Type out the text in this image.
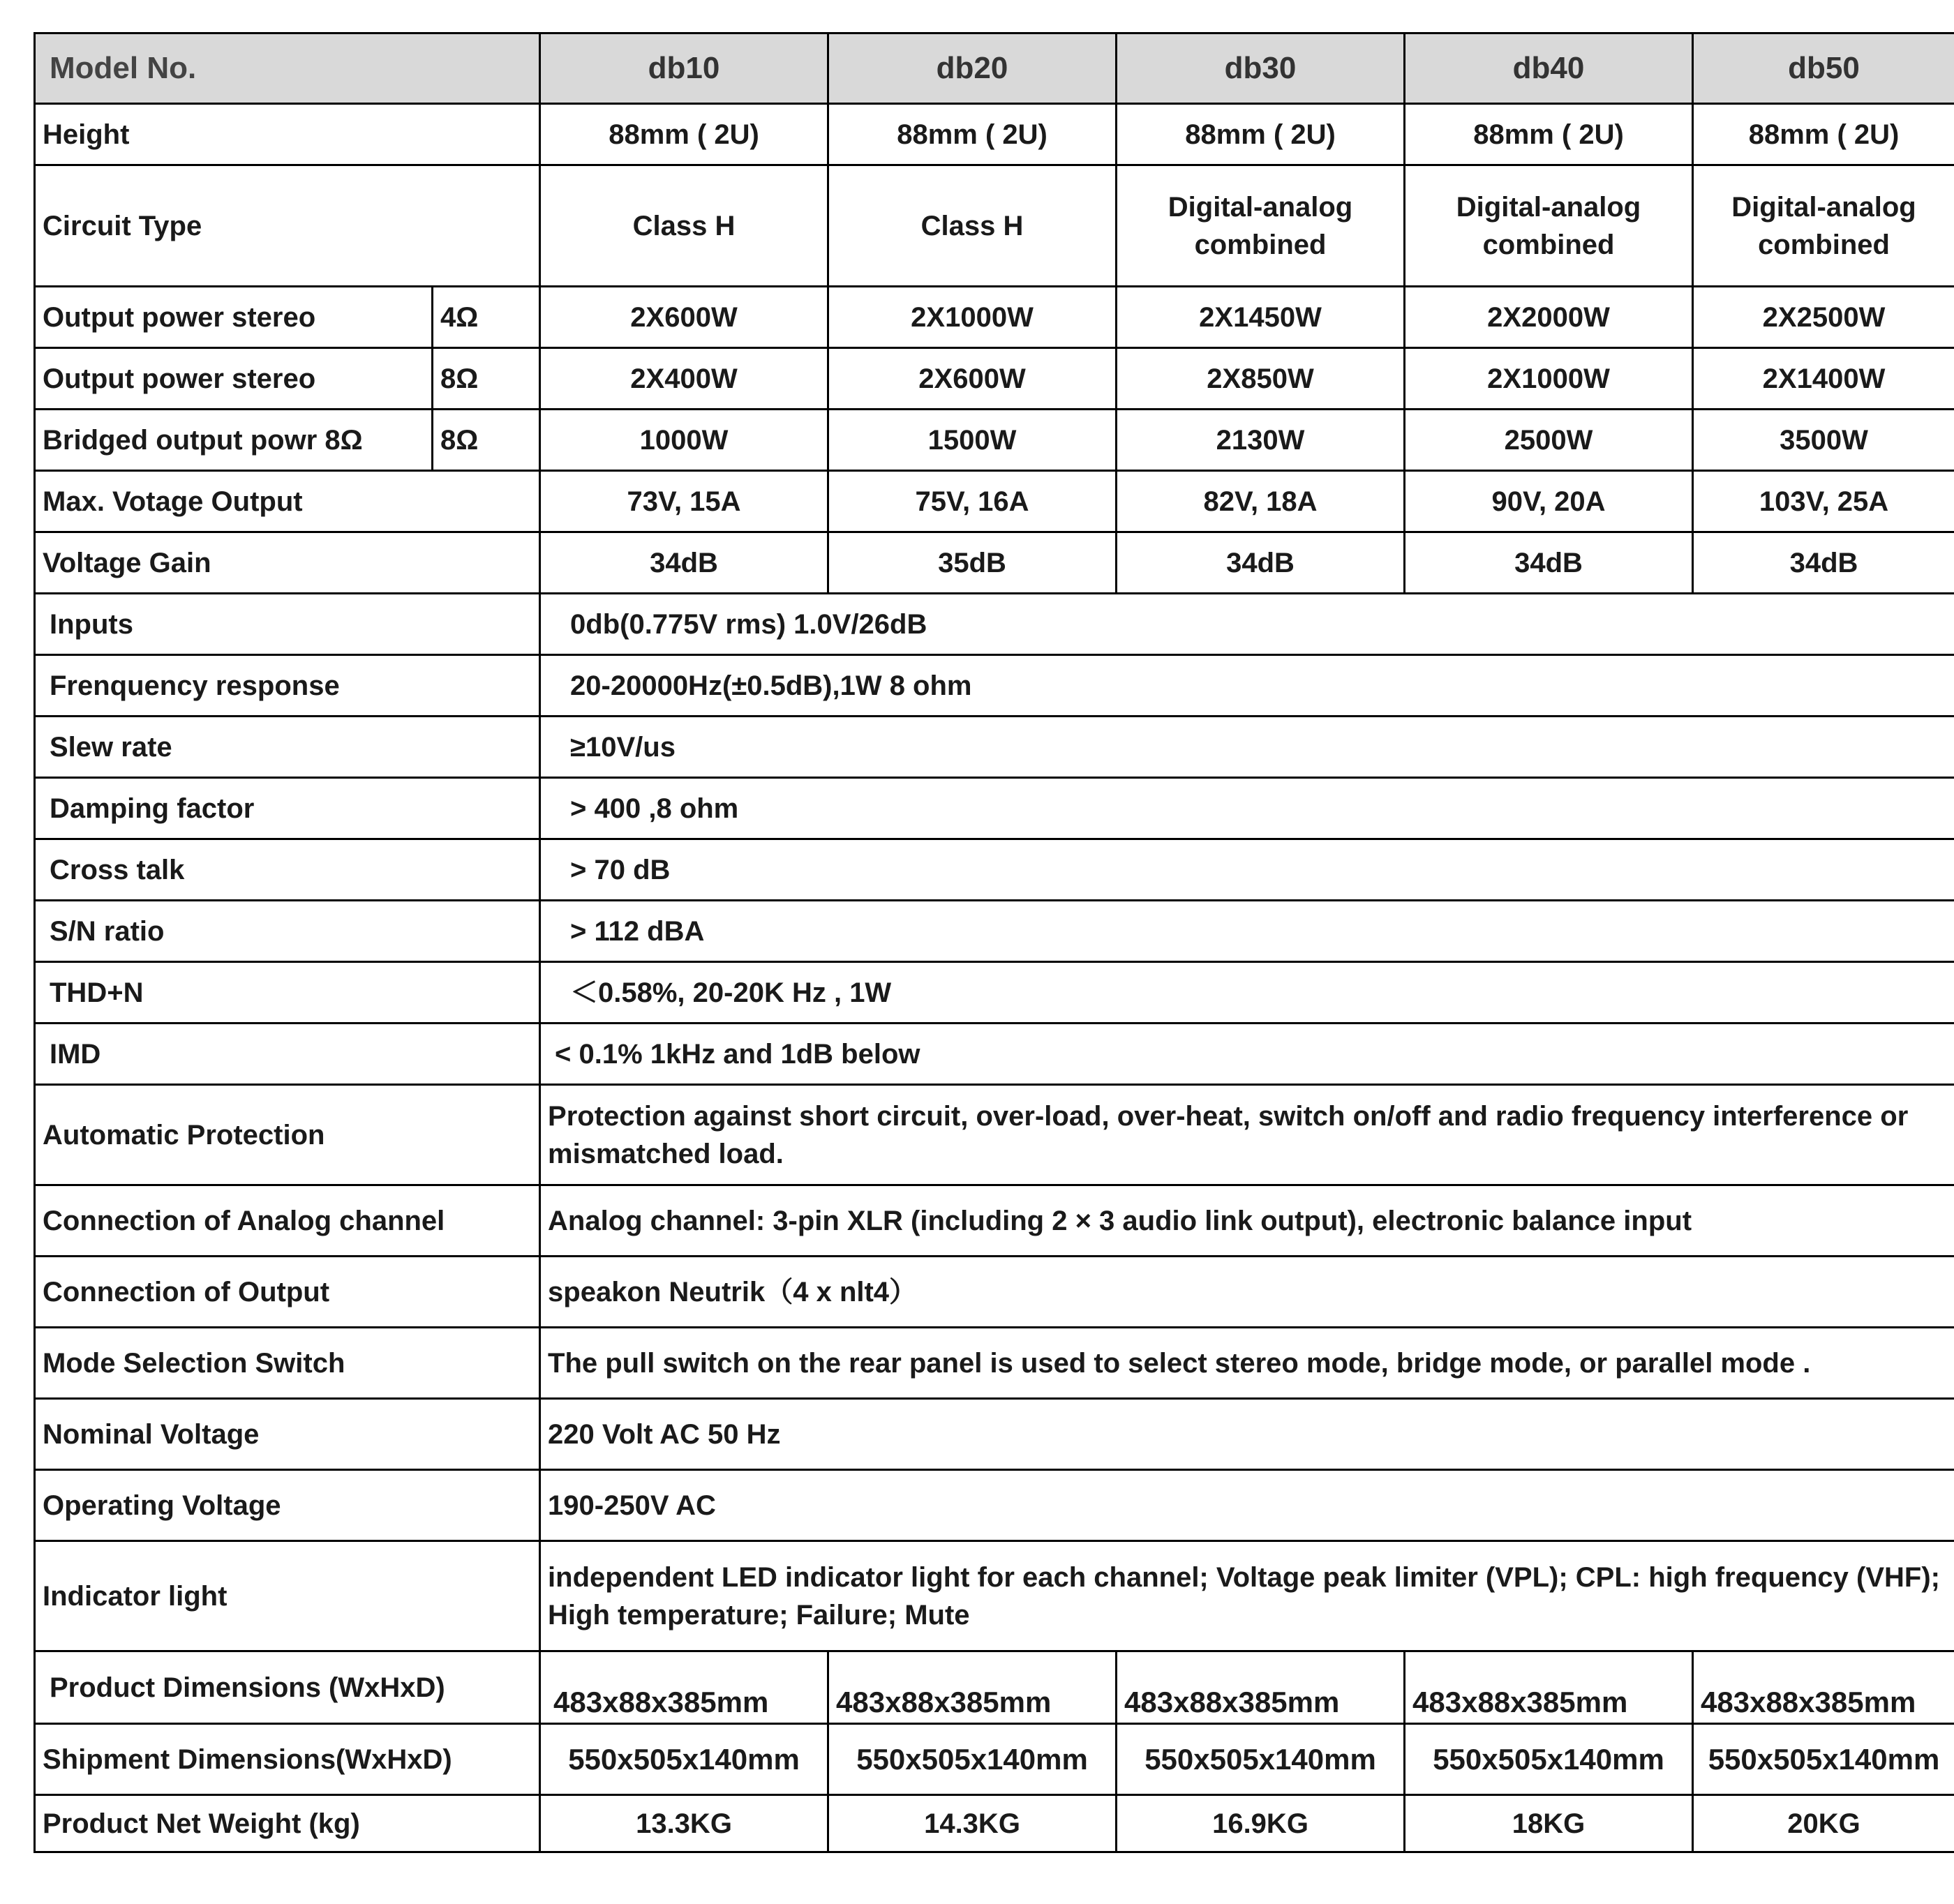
Model No.		db10	db20	db30	db40	db50
Height		88mm ( 2U)	88mm ( 2U)	88mm ( 2U)	88mm ( 2U)	88mm ( 2U)
Circuit Type		Class H	Class H	Digital-analog combined	Digital-analog combined	Digital-analog combined
Output power stereo	4Ω	2X600W	2X1000W	2X1450W	2X2000W	2X2500W
Output power stereo	8Ω	2X400W	2X600W	2X850W	2X1000W	2X1400W
Bridged output powr 8Ω	8Ω	1000W	1500W	2130W	2500W	3500W
Max. Votage Output		73V, 15A	75V, 16A	82V, 18A	90V, 20A	103V, 25A
Voltage Gain		34dB	35dB	34dB	34dB	34dB
Inputs		0db(0.775V rms) 1.0V/26dB				
Frenquency response		20-20000Hz(±0.5dB),1W 8 ohm				
Slew rate		≥10V/us				
Damping factor		> 400 ,8 ohm				
Cross talk		> 70 dB				
S/N ratio		> 112 dBA				
THD+N		＜0.58%, 20-20K Hz , 1W				
IMD		< 0.1% 1kHz and 1dB below				
Automatic Protection		Protection against short circuit, over-load, over-heat, switch on/off and radio frequency interference or mismatched load.				
Connection of Analog channel		Analog channel: 3-pin XLR (including 2 × 3 audio link output), electronic balance input				
Connection of Output		speakon Neutrik（4 x nlt4）				
Mode Selection Switch		The pull switch on the rear panel is used to select stereo mode, bridge mode, or parallel mode .				
Nominal Voltage		220 Volt AC 50 Hz				
Operating Voltage		190-250V AC				
Indicator light		independent LED indicator light for each channel; Voltage peak limiter (VPL); CPL: high frequency (VHF); High temperature; Failure; Mute				
Product Dimensions (WxHxD)		483x88x385mm	483x88x385mm	483x88x385mm	483x88x385mm	483x88x385mm
Shipment Dimensions(WxHxD)		550x505x140mm	550x505x140mm	550x505x140mm	550x505x140mm	550x505x140mm
Product Net Weight (kg)		13.3KG	14.3KG	16.9KG	18KG	20KG
